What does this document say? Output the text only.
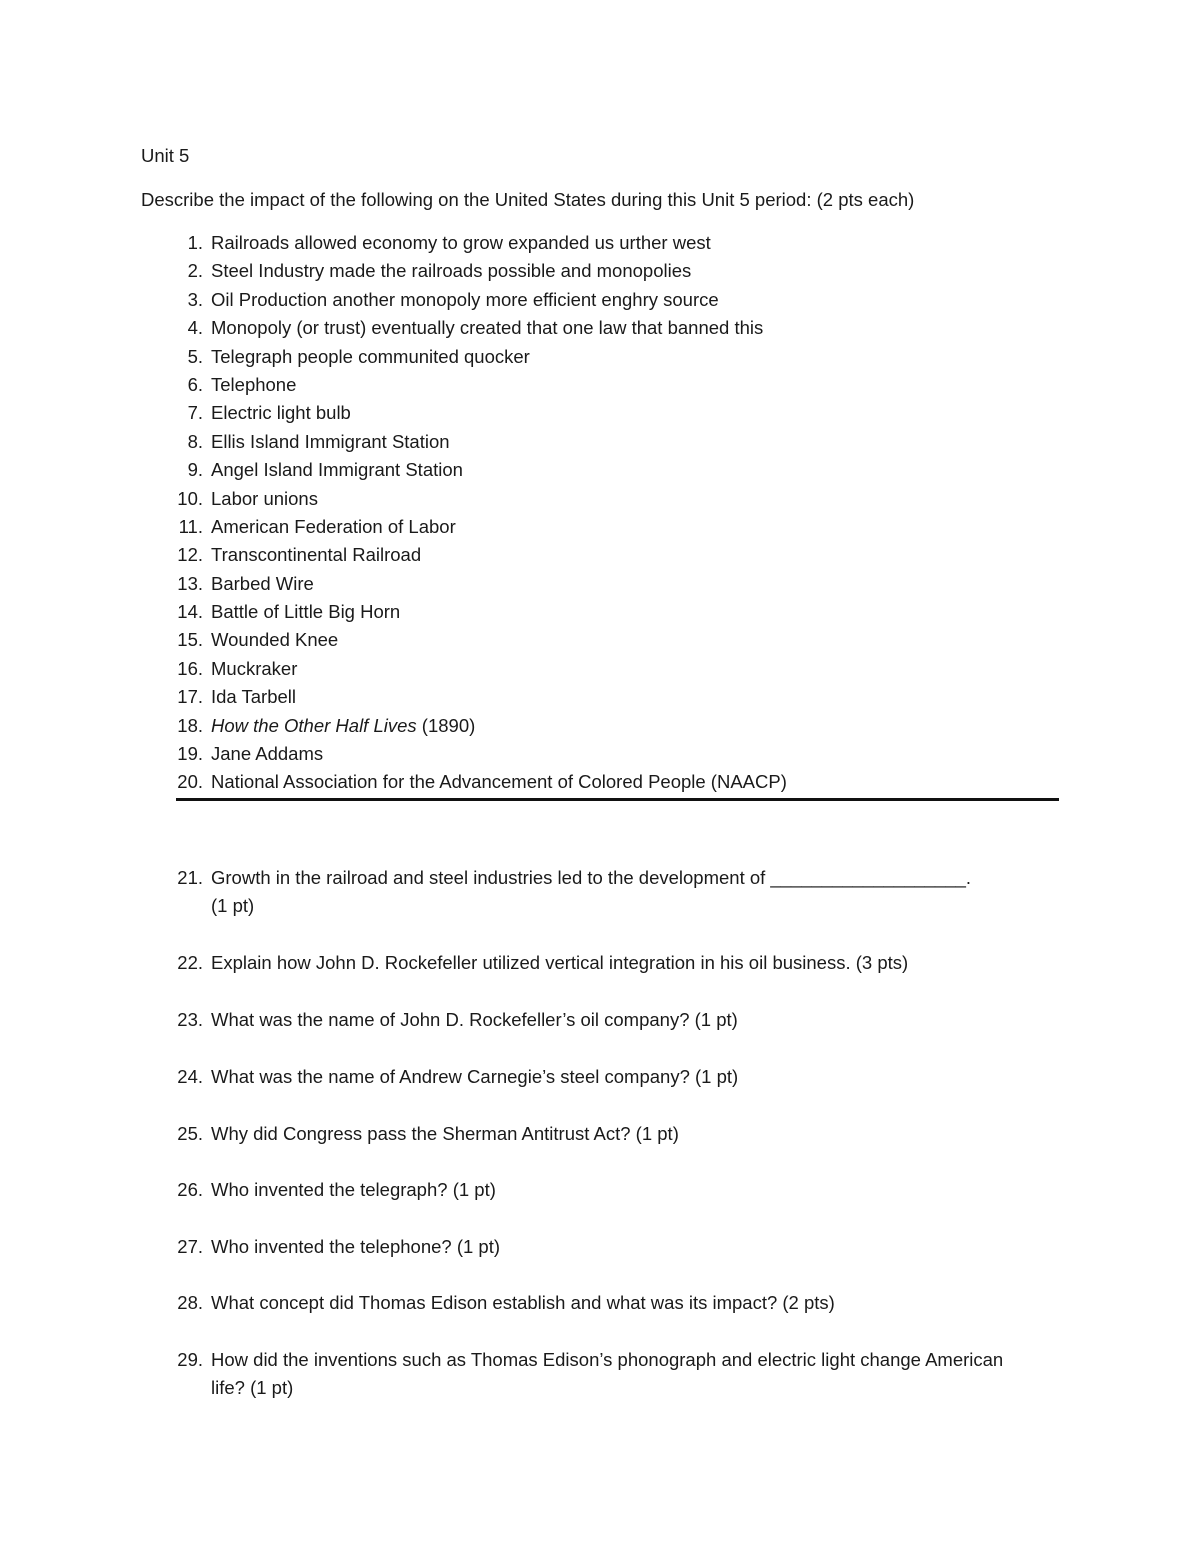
Unit 5
Describe the impact of the following on the United States during this Unit 5 period: (2 pts each)
1. Railroads allowed economy to grow expanded us urther west
2. Steel Industry made the railroads possible and monopolies
3. Oil Production another monopoly more efficient enghry source
4. Monopoly (or trust) eventually created that one law that banned this
5. Telegraph people communited quocker
6. Telephone
7. Electric light bulb
8. Ellis Island Immigrant Station
9. Angel Island Immigrant Station
10. Labor unions
11. American Federation of Labor
12. Transcontinental Railroad
13. Barbed Wire
14. Battle of Little Big Horn
15. Wounded Knee
16. Muckraker
17. Ida Tarbell
18. How the Other Half Lives (1890)
19. Jane Addams
20. National Association for the Advancement of Colored People (NAACP)
21. Growth in the railroad and steel industries led to the development of ___________________.
(1 pt)
22. Explain how John D. Rockefeller utilized vertical integration in his oil business. (3 pts)
23. What was the name of John D. Rockefeller’s oil company? (1 pt)
24. What was the name of Andrew Carnegie’s steel company? (1 pt)
25. Why did Congress pass the Sherman Antitrust Act? (1 pt)
26. Who invented the telegraph? (1 pt)
27. Who invented the telephone? (1 pt)
28. What concept did Thomas Edison establish and what was its impact? (2 pts)
29. How did the inventions such as Thomas Edison’s phonograph and electric light change American
life? (1 pt)
